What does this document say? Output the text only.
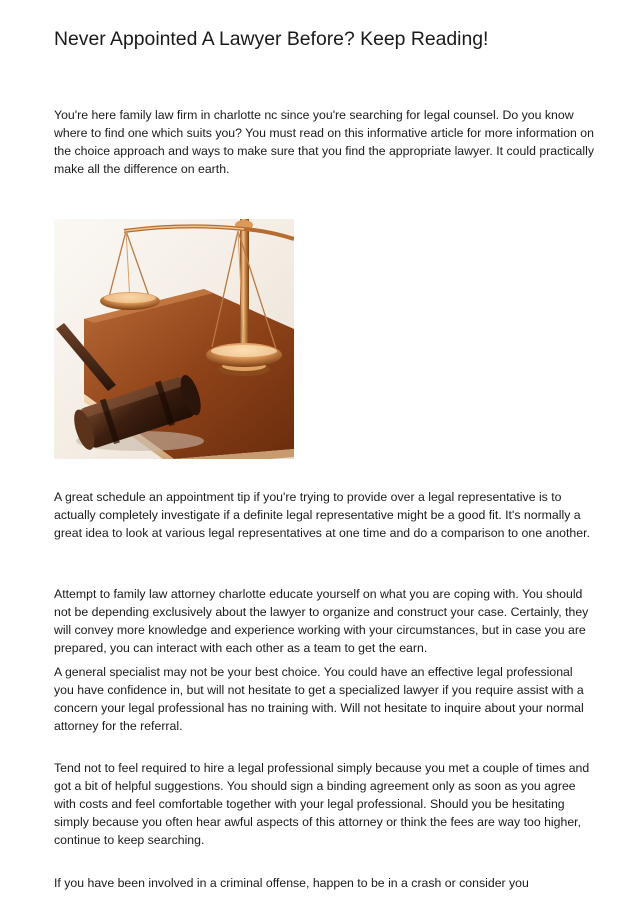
Never Appointed A Lawyer Before? Keep Reading!

You're here family law firm in charlotte nc since you're searching for legal counsel. Do you know where to find one which suits you? You must read on this informative article for more information on the choice approach and ways to make sure that you find the appropriate lawyer. It could practically make all the difference on earth.

A great schedule an appointment tip if you're trying to provide over a legal representative is to actually completely investigate if a definite legal representative might be a good fit. It's normally a great idea to look at various legal representatives at one time and do a comparison to one another.

Attempt to family law attorney charlotte educate yourself on what you are coping with. You should not be depending exclusively about the lawyer to organize and construct your case. Certainly, they will convey more knowledge and experience working with your circumstances, but in case you are prepared, you can interact with each other as a team to get the earn.

A general specialist may not be your best choice. You could have an effective legal professional you have confidence in, but will not hesitate to get a specialized lawyer if you require assist with a concern your legal professional has no training with. Will not hesitate to inquire about your normal attorney for the referral.

Tend not to feel required to hire a legal professional simply because you met a couple of times and got a bit of helpful suggestions. You should sign a binding agreement only as soon as you agree with costs and feel comfortable together with your legal professional. Should you be hesitating simply because you often hear awful aspects of this attorney or think the fees are way too higher, continue to keep searching.

If you have been involved in a criminal offense, happen to be in a crash or consider you
